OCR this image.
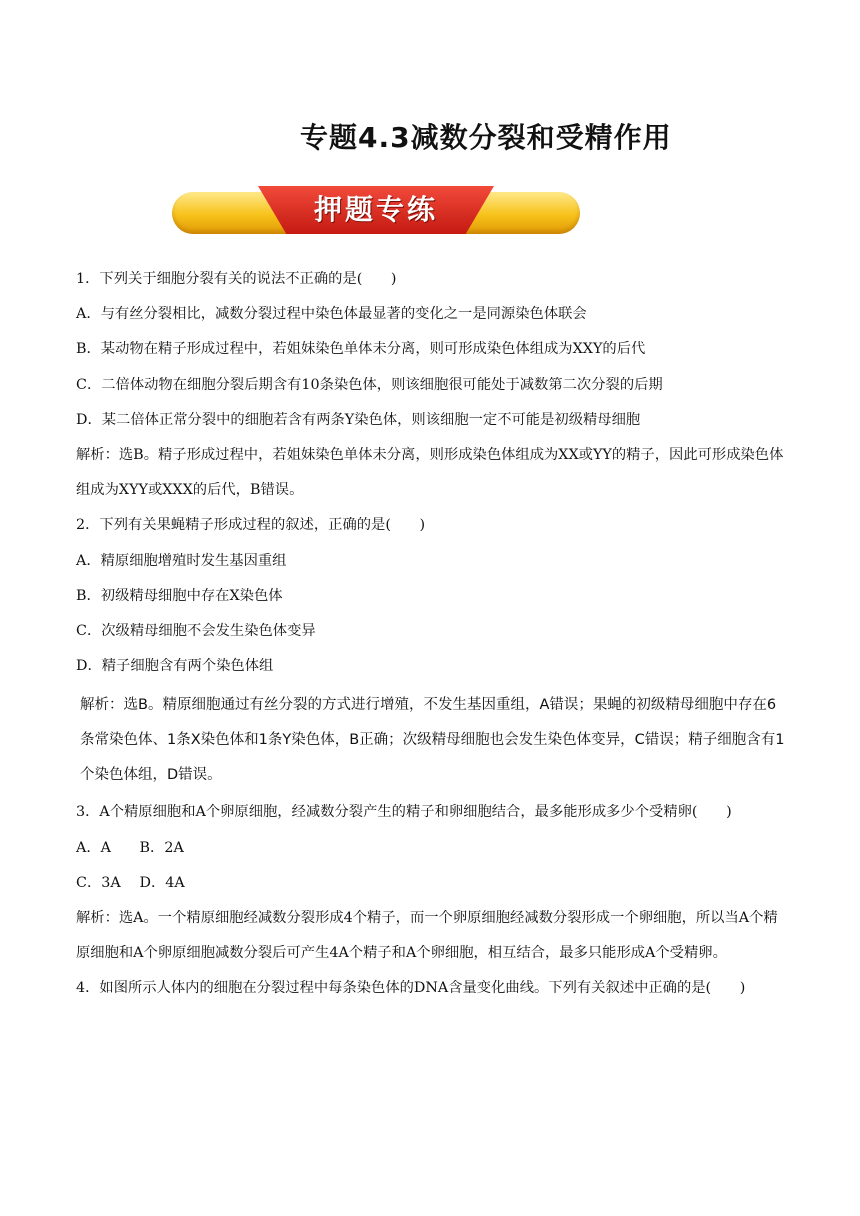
专题4.3减数分裂和受精作用
押题专练

1．下列关于细胞分裂有关的说法不正确的是(　　)

A．与有丝分裂相比，减数分裂过程中染色体最显著的变化之一是同源染色体联会

B．某动物在精子形成过程中，若姐妹染色单体未分离，则可形成染色体组成为XXY的后代

C．二倍体动物在细胞分裂后期含有10条染色体，则该细胞很可能处于减数第二次分裂的后期

D．某二倍体正常分裂中的细胞若含有两条Y染色体，则该细胞一定不可能是初级精母细胞

解析：选B。精子形成过程中，若姐妹染色单体未分离，则形成染色体组成为XX或YY的精子，因此可形成染色体组成为XYY或XXX的后代，B错误。

2．下列有关果蝇精子形成过程的叙述，正确的是(　　)

A．精原细胞增殖时发生基因重组

B．初级精母细胞中存在X染色体

C．次级精母细胞不会发生染色体变异

D．精子细胞含有两个染色体组

解析：选B。精原细胞通过有丝分裂的方式进行增殖，不发生基因重组，A错误；果蝇的初级精母细胞中存在6条常染色体、1条X染色体和1条Y染色体，B正确；次级精母细胞也会发生染色体变异，C错误；精子细胞含有1个染色体组，D错误。

3．A个精原细胞和A个卵原细胞，经减数分裂产生的精子和卵细胞结合，最多能形成多少个受精卵(　　)

A．A　　B．2A

C．3A　 D．4A

解析：选A。一个精原细胞经减数分裂形成4个精子，而一个卵原细胞经减数分裂形成一个卵细胞，所以当A个精原细胞和A个卵原细胞减数分裂后可产生4A个精子和A个卵细胞，相互结合，最多只能形成A个受精卵。

4．如图所示人体内的细胞在分裂过程中每条染色体的DNA含量变化曲线。下列有关叙述中正确的是(　　)
